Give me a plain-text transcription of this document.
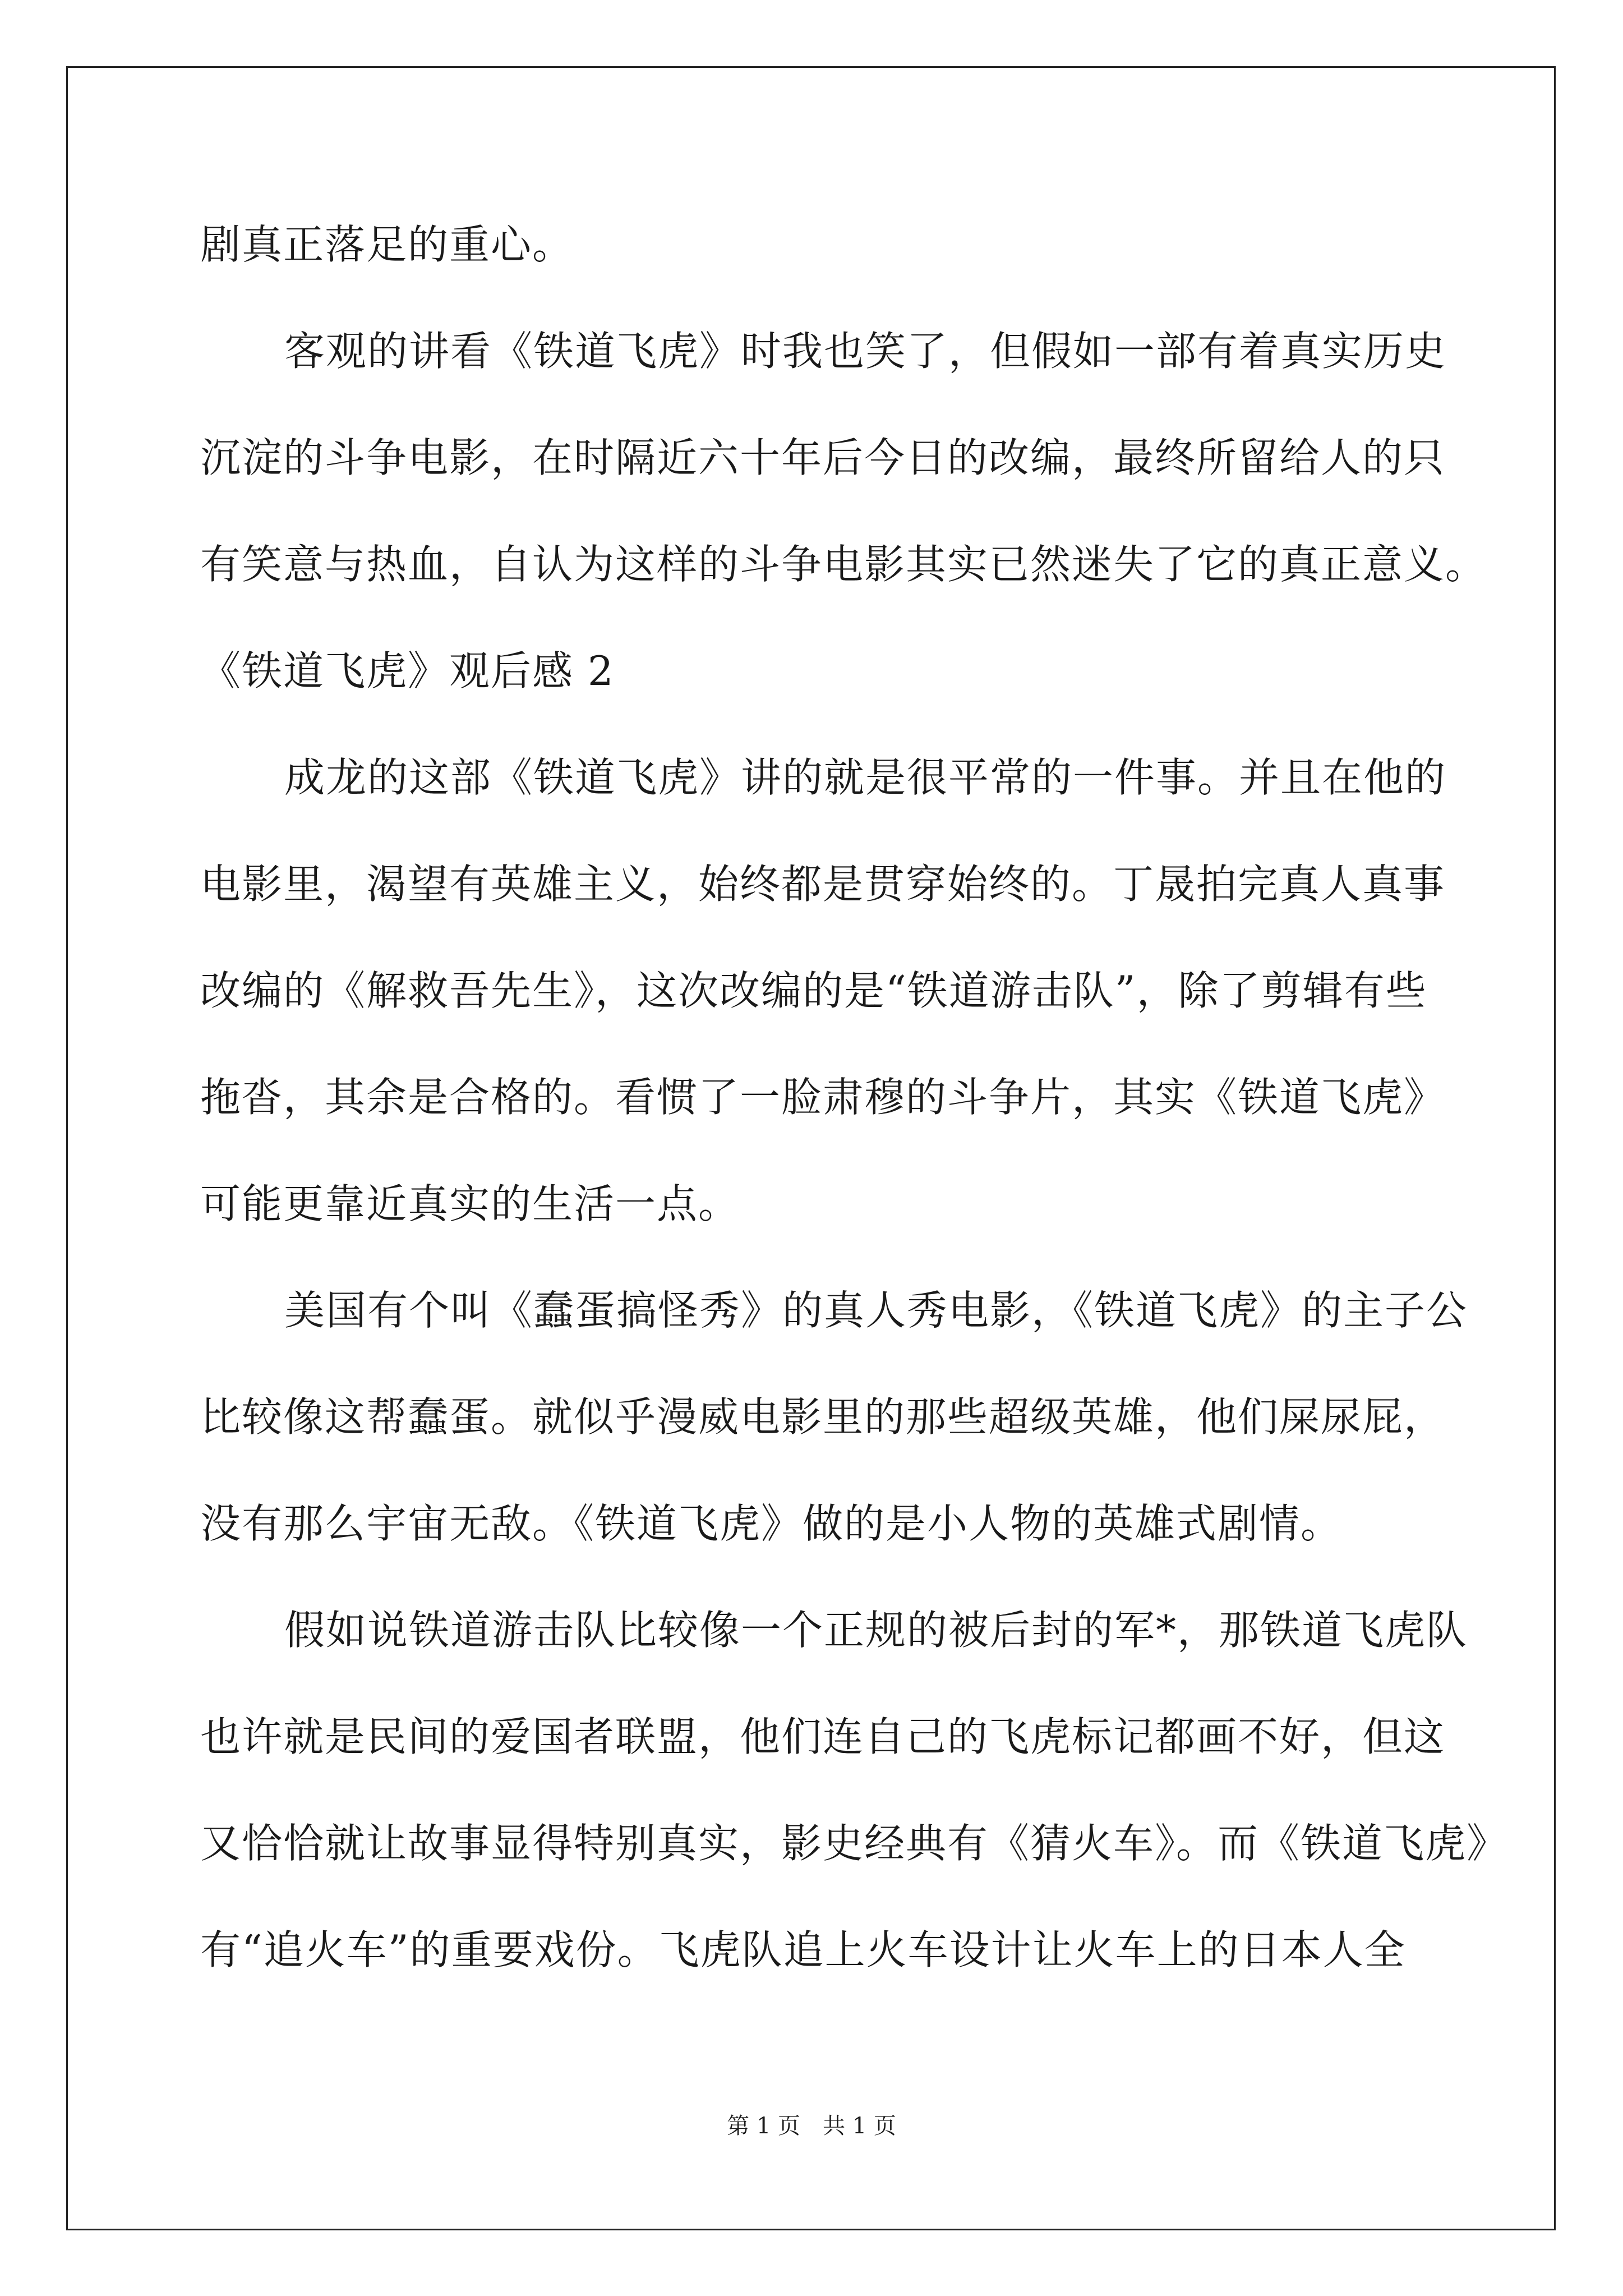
剧真正落足的重心。
客观的讲看《铁道飞虎》时我也笑了，但假如一部有着真实历史
沉淀的斗争电影，在时隔近六十年后今日的改编，最终所留给人的只
有笑意与热血，自认为这样的斗争电影其实已然迷失了它的真正意义。
《铁道飞虎》观后感 2
成龙的这部《铁道飞虎》讲的就是很平常的一件事。并且在他的
电影里，渴望有英雄主义，始终都是贯穿始终的。丁晟拍完真人真事
改编的《解救吾先生》，这次改编的是“铁道游击队”，除了剪辑有些
拖沓，其余是合格的。看惯了一脸肃穆的斗争片，其实《铁道飞虎》
可能更靠近真实的生活一点。
美国有个叫《蠢蛋搞怪秀》的真人秀电影，《铁道飞虎》的主子公
比较像这帮蠢蛋。就似乎漫威电影里的那些超级英雄，他们屎尿屁，
没有那么宇宙无敌。《铁道飞虎》做的是小人物的英雄式剧情。
假如说铁道游击队比较像一个正规的被后封的军*，那铁道飞虎队
也许就是民间的爱国者联盟，他们连自己的飞虎标记都画不好，但这
又恰恰就让故事显得特别真实，影史经典有《猜火车》。而《铁道飞虎》
有“追火车”的重要戏份。飞虎队追上火车设计让火车上的日本人全
第 1 页　共 1 页
